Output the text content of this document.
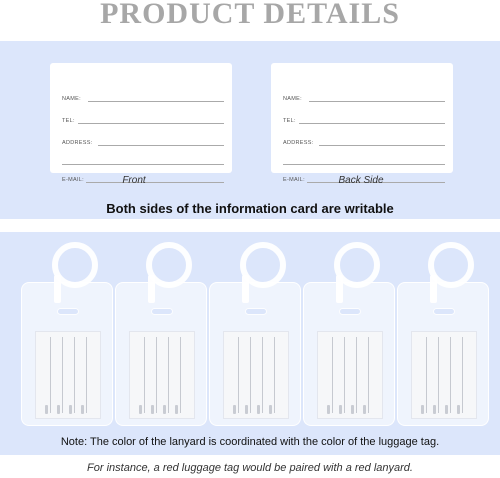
PRODUCT DETAILS
NAME:
TEL:
ADDRESS:
E-MAIL:
NAME:
TEL:
ADDRESS:
E-MAIL:
Front	Back Side
Both sides of the information card are writable
Note: The color of the lanyard is coordinated with the color of the luggage tag.
For instance, a red luggage tag would be paired with a red lanyard.
